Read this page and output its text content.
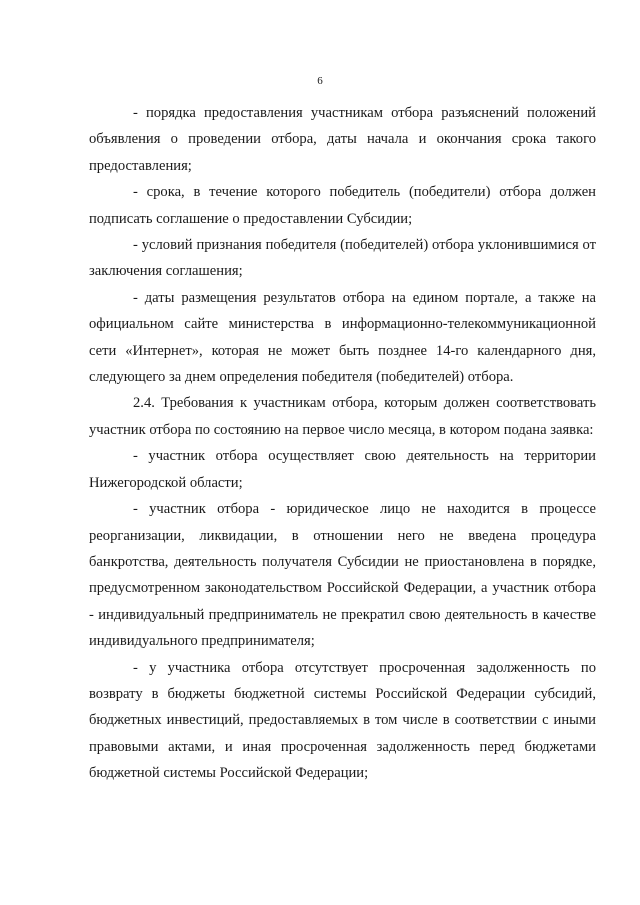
6

- порядка предоставления участникам отбора разъяснений положений объявления о проведении отбора, даты начала и окончания срока такого предоставления;

- срока, в течение которого победитель (победители) отбора должен подписать соглашение о предоставлении Субсидии;

- условий признания победителя (победителей) отбора уклонившимися от заключения соглашения;

- даты размещения результатов отбора на едином портале, а также на официальном сайте министерства в информационно-телекоммуникационной сети «Интернет», которая не может быть позднее 14-го календарного дня, следующего за днем определения победителя (победителей) отбора.

2.4. Требования к участникам отбора, которым должен соответствовать участник отбора по состоянию на первое число месяца, в котором подана заявка:

- участник отбора осуществляет свою деятельность на территории Нижегородской области;

- участник отбора - юридическое лицо не находится в процессе реорганизации, ликвидации, в отношении него не введена процедура банкротства, деятельность получателя Субсидии не приостановлена в порядке, предусмотренном законодательством Российской Федерации, а участник отбора - индивидуальный предприниматель не прекратил свою деятельность в качестве индивидуального предпринимателя;

- у участника отбора отсутствует просроченная задолженность по возврату в бюджеты бюджетной системы Российской Федерации субсидий, бюджетных инвестиций, предоставляемых в том числе в соответствии с иными правовыми актами, и иная просроченная задолженность перед бюджетами бюджетной системы Российской Федерации;
